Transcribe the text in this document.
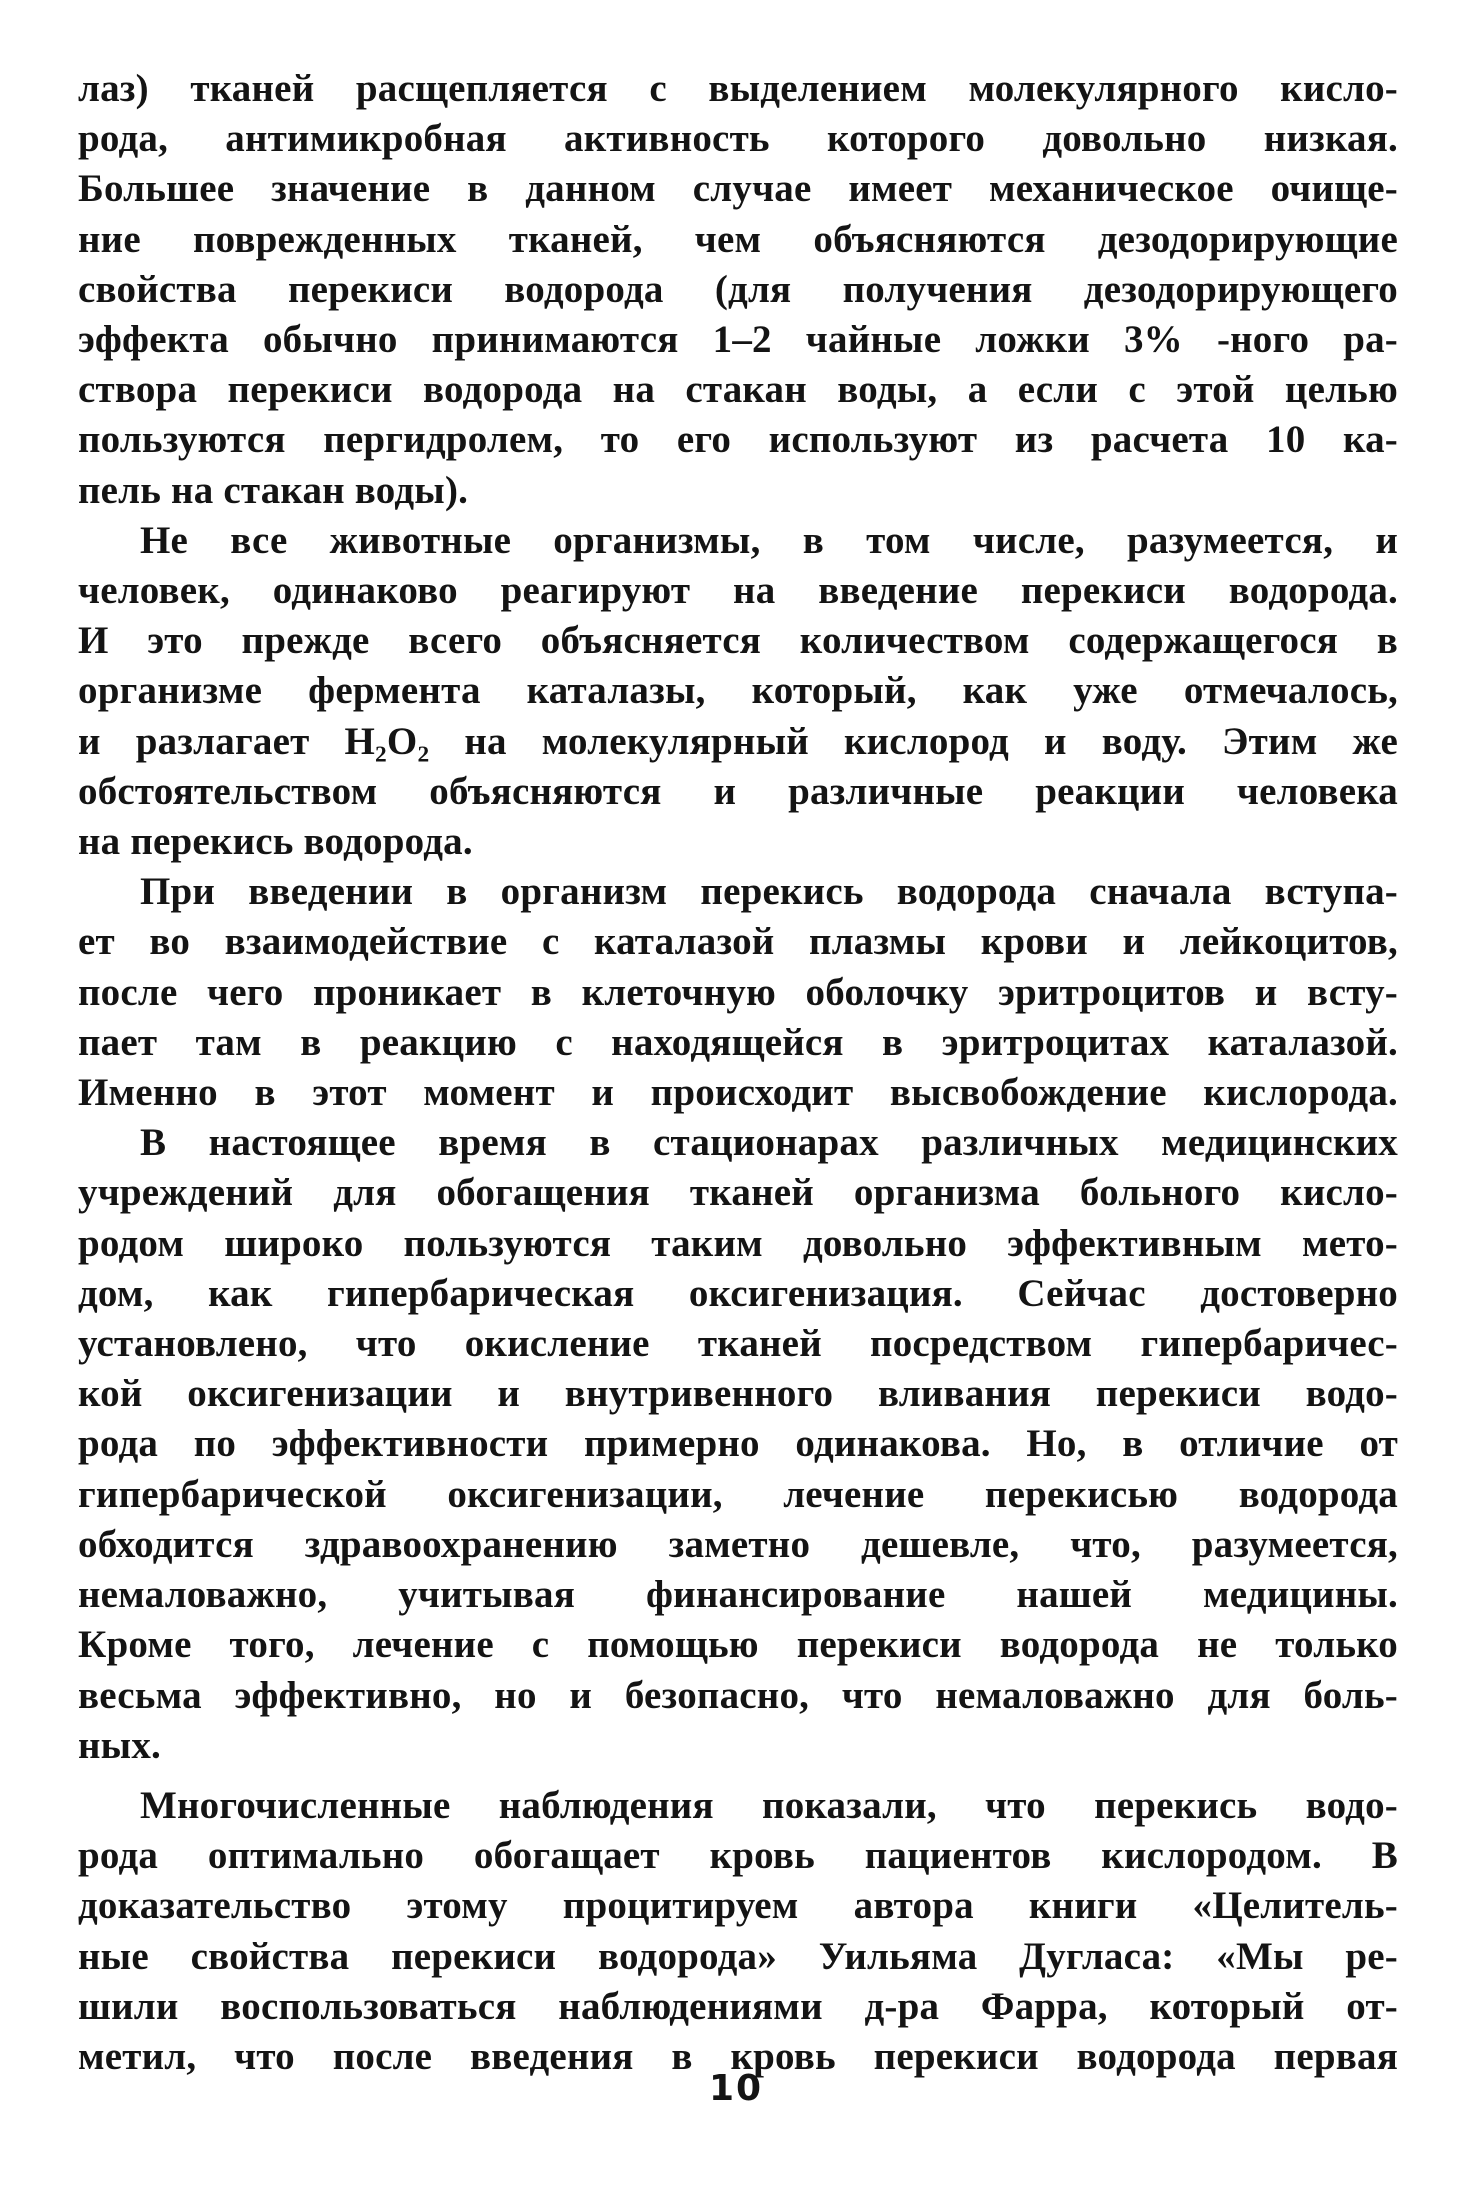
лаз) тканей расщепляется с выделением молекулярного кисло-
рода, антимикробная активность которого довольно низкая.
Большее значение в данном случае имеет механическое очище-
ние поврежденных тканей, чем объясняются дезодорирующие
свойства перекиси водорода (для получения дезодорирующего
эффекта обычно принимаются 1–2 чайные ложки 3% -ного ра-
створа перекиси водорода на стакан воды, а если с этой целью
пользуются пергидролем, то его используют из расчета 10 ка-
пель на стакан воды).

Не все животные организмы, в том числе, разумеется, и
человек, одинаково реагируют на введение перекиси водорода.
И это прежде всего объясняется количеством содержащегося в
организме фермента каталазы, который, как уже отмечалось,
и разлагает H₂O₂ на молекулярный кислород и воду. Этим же
обстоятельством объясняются и различные реакции человека
на перекись водорода.

При введении в организм перекись водорода сначала вступа-
ет во взаимодействие с каталазой плазмы крови и лейкоцитов,
после чего проникает в клеточную оболочку эритроцитов и всту-
пает там в реакцию с находящейся в эритроцитах каталазой.
Именно в этот момент и происходит высвобождение кислорода.

В настоящее время в стационарах различных медицинских
учреждений для обогащения тканей организма больного кисло-
родом широко пользуются таким довольно эффективным мето-
дом, как гипербарическая оксигенизация. Сейчас достоверно
установлено, что окисление тканей посредством гипербаричес-
кой оксигенизации и внутривенного вливания перекиси водо-
рода по эффективности примерно одинакова. Но, в отличие от
гипербарической оксигенизации, лечение перекисью водорода
обходится здравоохранению заметно дешевле, что, разумеется,
немаловажно, учитывая финансирование нашей медицины.
Кроме того, лечение с помощью перекиси водорода не только
весьма эффективно, но и безопасно, что немаловажно для боль-
ных.

Многочисленные наблюдения показали, что перекись водо-
рода оптимально обогащает кровь пациентов кислородом. В
доказательство этому процитируем автора книги «Целитель-
ные свойства перекиси водорода» Уильяма Дугласа: «Мы ре-
шили воспользоваться наблюдениями д-ра Фарра, который от-
метил, что после введения в кровь перекиси водорода первая

10
